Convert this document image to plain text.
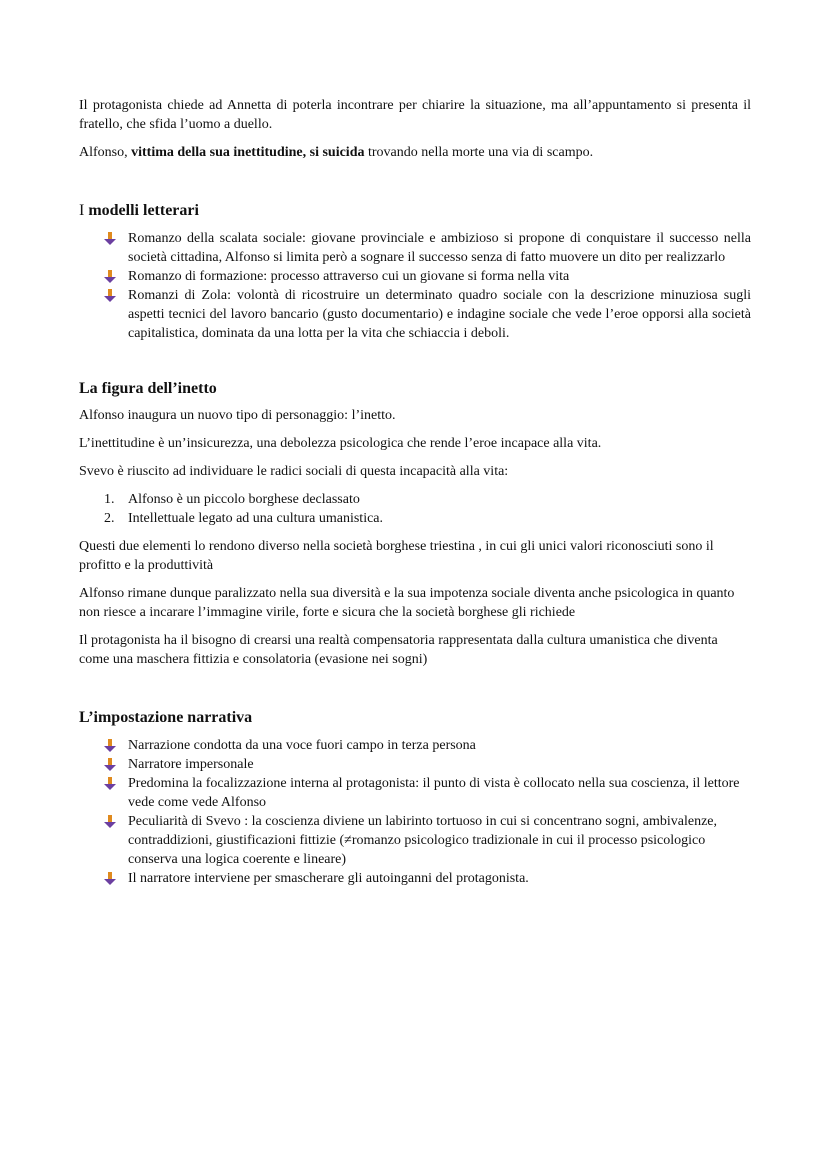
Il protagonista chiede ad Annetta di poterla incontrare per chiarire la situazione, ma all’appuntamento si presenta il fratello, che sfida l’uomo a duello.

Alfonso, vittima della sua inettitudine, si suicida trovando nella morte una via di scampo.

I modelli letterari
Romanzo della scalata sociale: giovane provinciale e ambizioso si propone di conquistare il successo nella società cittadina, Alfonso si limita però a sognare il successo senza di fatto muovere un dito per realizzarlo
Romanzo di formazione: processo attraverso cui un giovane si forma nella vita
Romanzi di Zola: volontà di ricostruire un determinato quadro sociale con la descrizione minuziosa sugli aspetti tecnici del lavoro bancario (gusto documentario) e indagine sociale che vede l’eroe opporsi alla società capitalistica, dominata da una lotta per la vita che schiaccia i deboli.
La figura dell’inetto

Alfonso inaugura un nuovo tipo di personaggio: l’inetto.

L’inettitudine è un’insicurezza, una debolezza psicologica che rende l’eroe incapace alla vita.

Svevo è riuscito ad individuare le radici sociali di questa incapacità alla vita:

1. Alfonso è un piccolo borghese declassato
2. Intellettuale legato ad una cultura umanistica.

Questi due elementi lo rendono diverso nella società borghese triestina , in cui gli unici valori riconosciuti sono il profitto e la produttività

Alfonso rimane dunque paralizzato nella sua diversità e la sua impotenza sociale diventa anche psicologica in quanto non riesce a incarare l’immagine virile, forte e sicura che la società borghese gli richiede

Il protagonista ha il bisogno di crearsi una realtà compensatoria rappresentata dalla cultura umanistica che diventa come una maschera fittizia e consolatoria (evasione nei sogni)

L’impostazione narrativa
Narrazione condotta da una voce fuori campo in terza persona
Narratore impersonale
Predomina la focalizzazione interna al protagonista: il punto di vista è collocato nella sua coscienza, il lettore vede come vede Alfonso
Peculiarità di Svevo : la coscienza diviene un labirinto tortuoso in cui si concentrano sogni, ambivalenze, contraddizioni, giustificazioni fittizie (≠romanzo psicologico tradizionale in cui il processo psicologico conserva una logica coerente e lineare)
Il narratore interviene per smascherare gli autoinganni del protagonista.
